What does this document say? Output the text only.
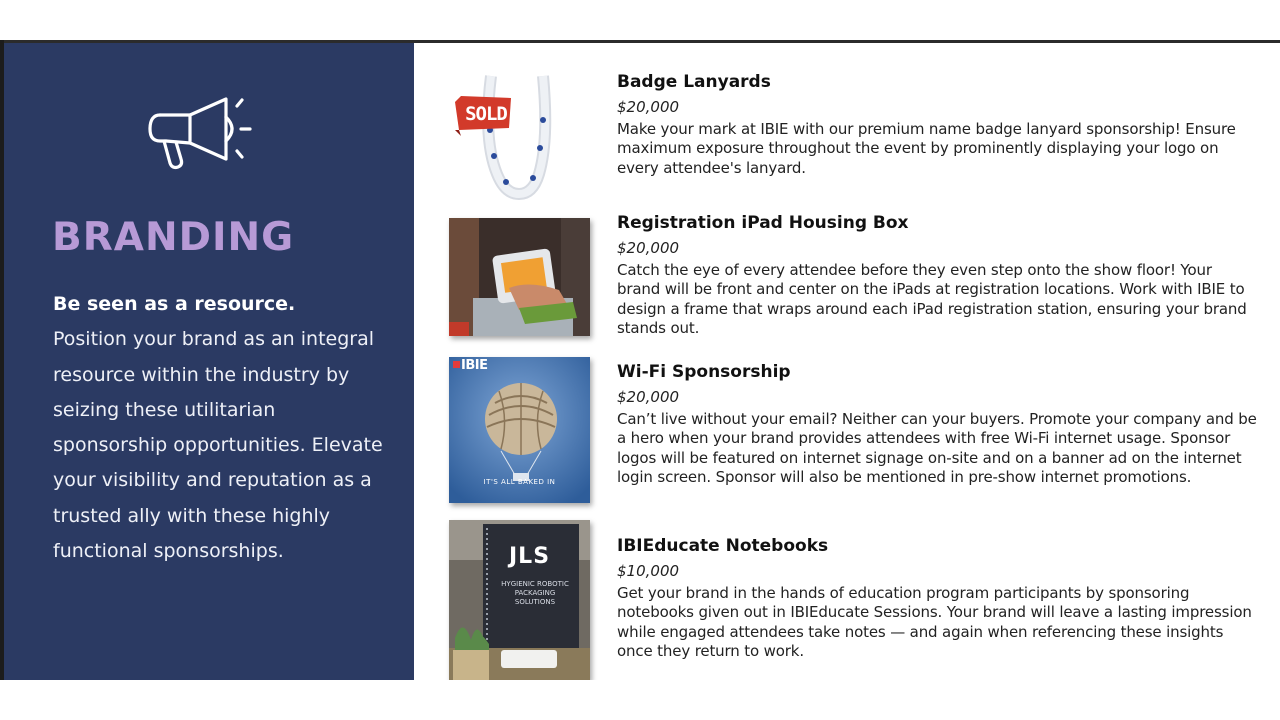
BRANDING
Be seen as a resource.
Position your brand as an integral resource within the industry by seizing these utilitarian sponsorship opportunities. Elevate your visibility and reputation as a trusted ally with these highly functional sponsorships.
SOLD
Badge Lanyards
$20,000
Make your mark at IBIE with our premium name badge lanyard sponsorship! Ensure maximum exposure throughout the event by prominently displaying your logo on every attendee's lanyard.
Registration iPad Housing Box
$20,000
Catch the eye of every attendee before they even step onto the show floor! Your brand will be front and center on the iPads at registration locations. Work with IBIE to design a frame that wraps around each iPad registration station, ensuring your brand stands out.
IBIE
IT'S ALL BAKED IN
Wi-Fi Sponsorship
$20,000
Can’t live without your email? Neither can your buyers. Promote your company and be a hero when your brand provides attendees with free Wi-Fi internet usage. Sponsor logos will be featured on internet signage on-site and on a banner ad on the internet login screen. Sponsor will also be mentioned in pre-show internet promotions.
JLS
HYGIENIC ROBOTIC PACKAGING SOLUTIONS
IBIEducate Notebooks
$10,000
Get your brand in the hands of education program participants by sponsoring notebooks given out in IBIEducate Sessions. Your brand will leave a lasting impression while engaged attendees take notes — and again when referencing these insights once they return to work.
